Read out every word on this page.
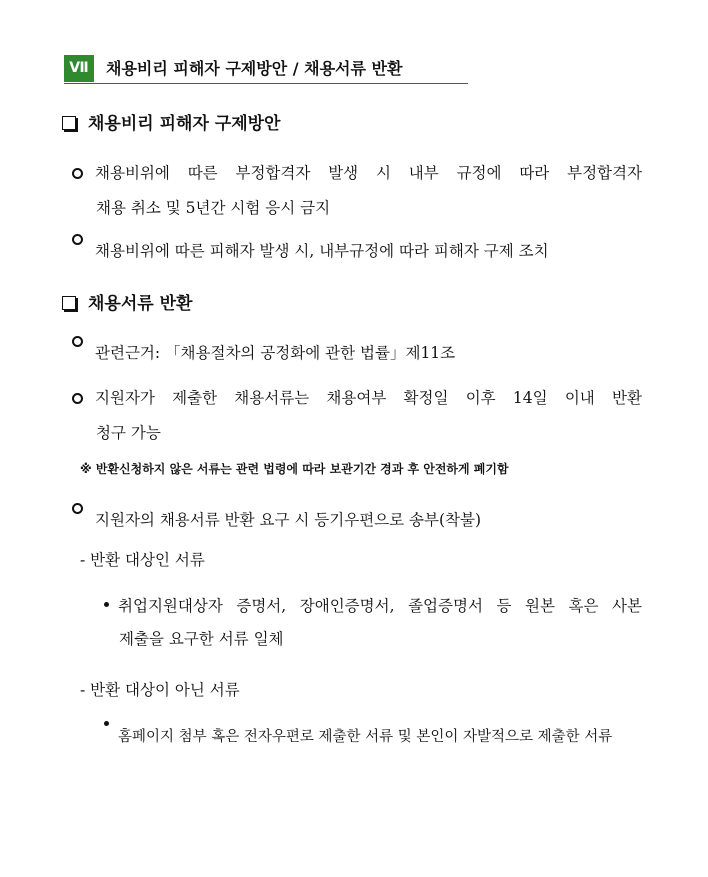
Ⅶ	채용비리 피해자 구제방안 / 채용서류 반환
채용비리 피해자 구제방안
채용비위에 따른 부정합격자 발생 시 내부 규정에 따라 부정합격자
채용 취소 및 5년간 시험 응시 금지
채용비위에 따른 피해자 발생 시, 내부규정에 따라 피해자 구제 조치
채용서류 반환
관련근거: 「채용절차의 공정화에 관한 법률」제11조
지원자가 제출한 채용서류는 채용여부 확정일 이후 14일 이내 반환
청구 가능
※ 반환신청하지 않은 서류는 관련 법령에 따라 보관기간 경과 후 안전하게 폐기함
지원자의 채용서류 반환 요구 시 등기우편으로 송부(착불)
- 반환 대상인 서류
취업지원대상자 증명서, 장애인증명서, 졸업증명서 등 원본 혹은 사본
제출을 요구한 서류 일체
- 반환 대상이 아닌 서류
홈페이지 첨부 혹은 전자우편로 제출한 서류 및 본인이 자발적으로 제출한 서류
